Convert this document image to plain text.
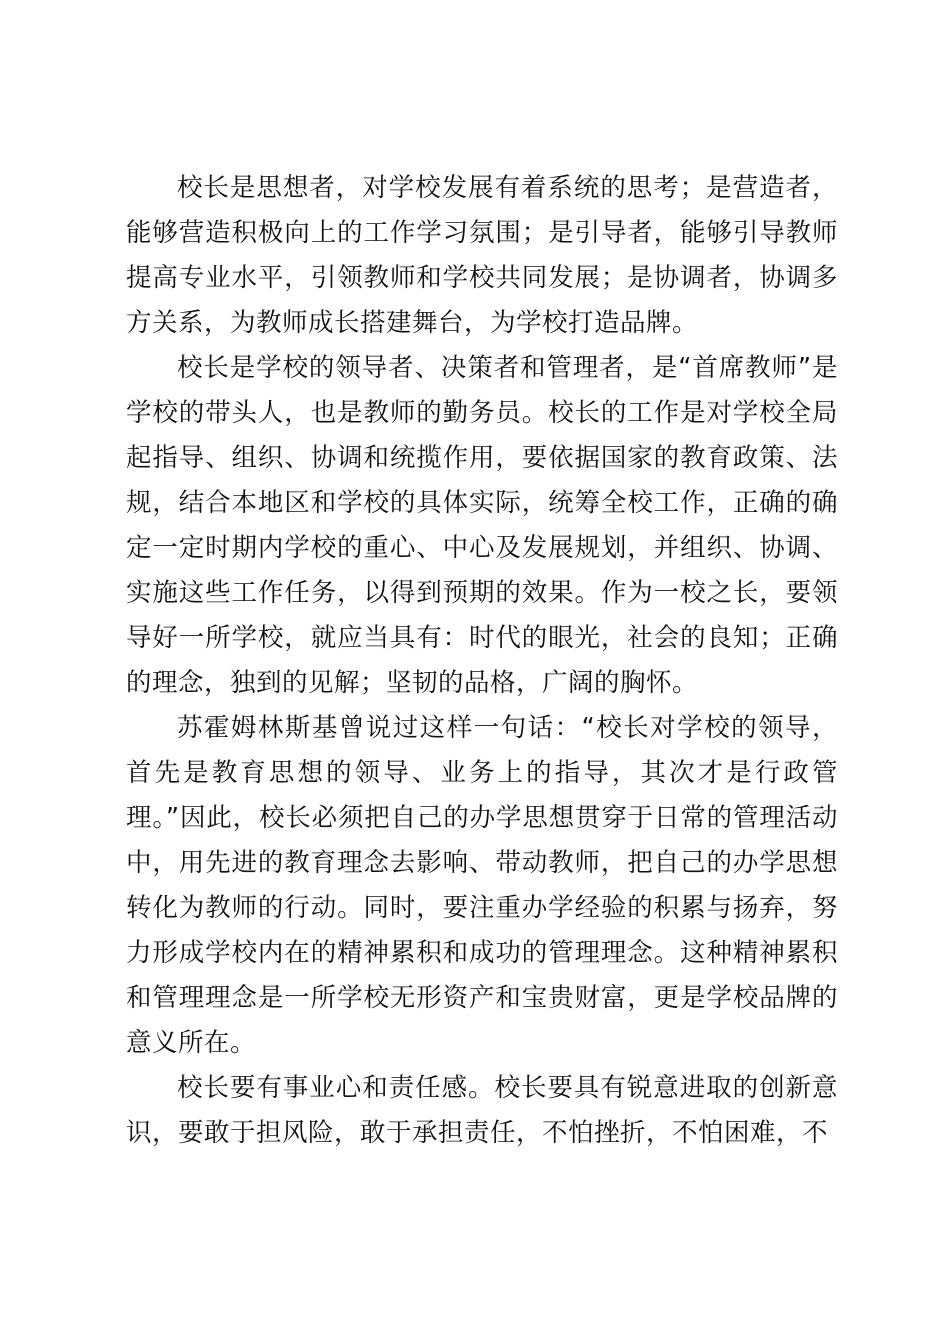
校长是思想者，对学校发展有着系统的思考；是营造者，能够营造积极向上的工作学习氛围；是引导者，能够引导教师提高专业水平，引领教师和学校共同发展；是协调者，协调多方关系，为教师成长搭建舞台，为学校打造品牌。

校长是学校的领导者、决策者和管理者，是“首席教师”是学校的带头人，也是教师的勤务员。校长的工作是对学校全局起指导、组织、协调和统揽作用，要依据国家的教育政策、法规，结合本地区和学校的具体实际，统筹全校工作，正确的确定一定时期内学校的重心、中心及发展规划，并组织、协调、实施这些工作任务，以得到预期的效果。作为一校之长，要领导好一所学校，就应当具有：时代的眼光，社会的良知；正确的理念，独到的见解；坚韧的品格，广阔的胸怀。

苏霍姆林斯基曾说过这样一句话：“校长对学校的领导，首先是教育思想的领导、业务上的指导，其次才是行政管理。”因此，校长必须把自己的办学思想贯穿于日常的管理活动中，用先进的教育理念去影响、带动教师，把自己的办学思想转化为教师的行动。同时，要注重办学经验的积累与扬弃，努力形成学校内在的精神累积和成功的管理理念。这种精神累积和管理理念是一所学校无形资产和宝贵财富，更是学校品牌的意义所在。

校长要有事业心和责任感。校长要具有锐意进取的创新意识，要敢于担风险，敢于承担责任，不怕挫折，不怕困难，不
